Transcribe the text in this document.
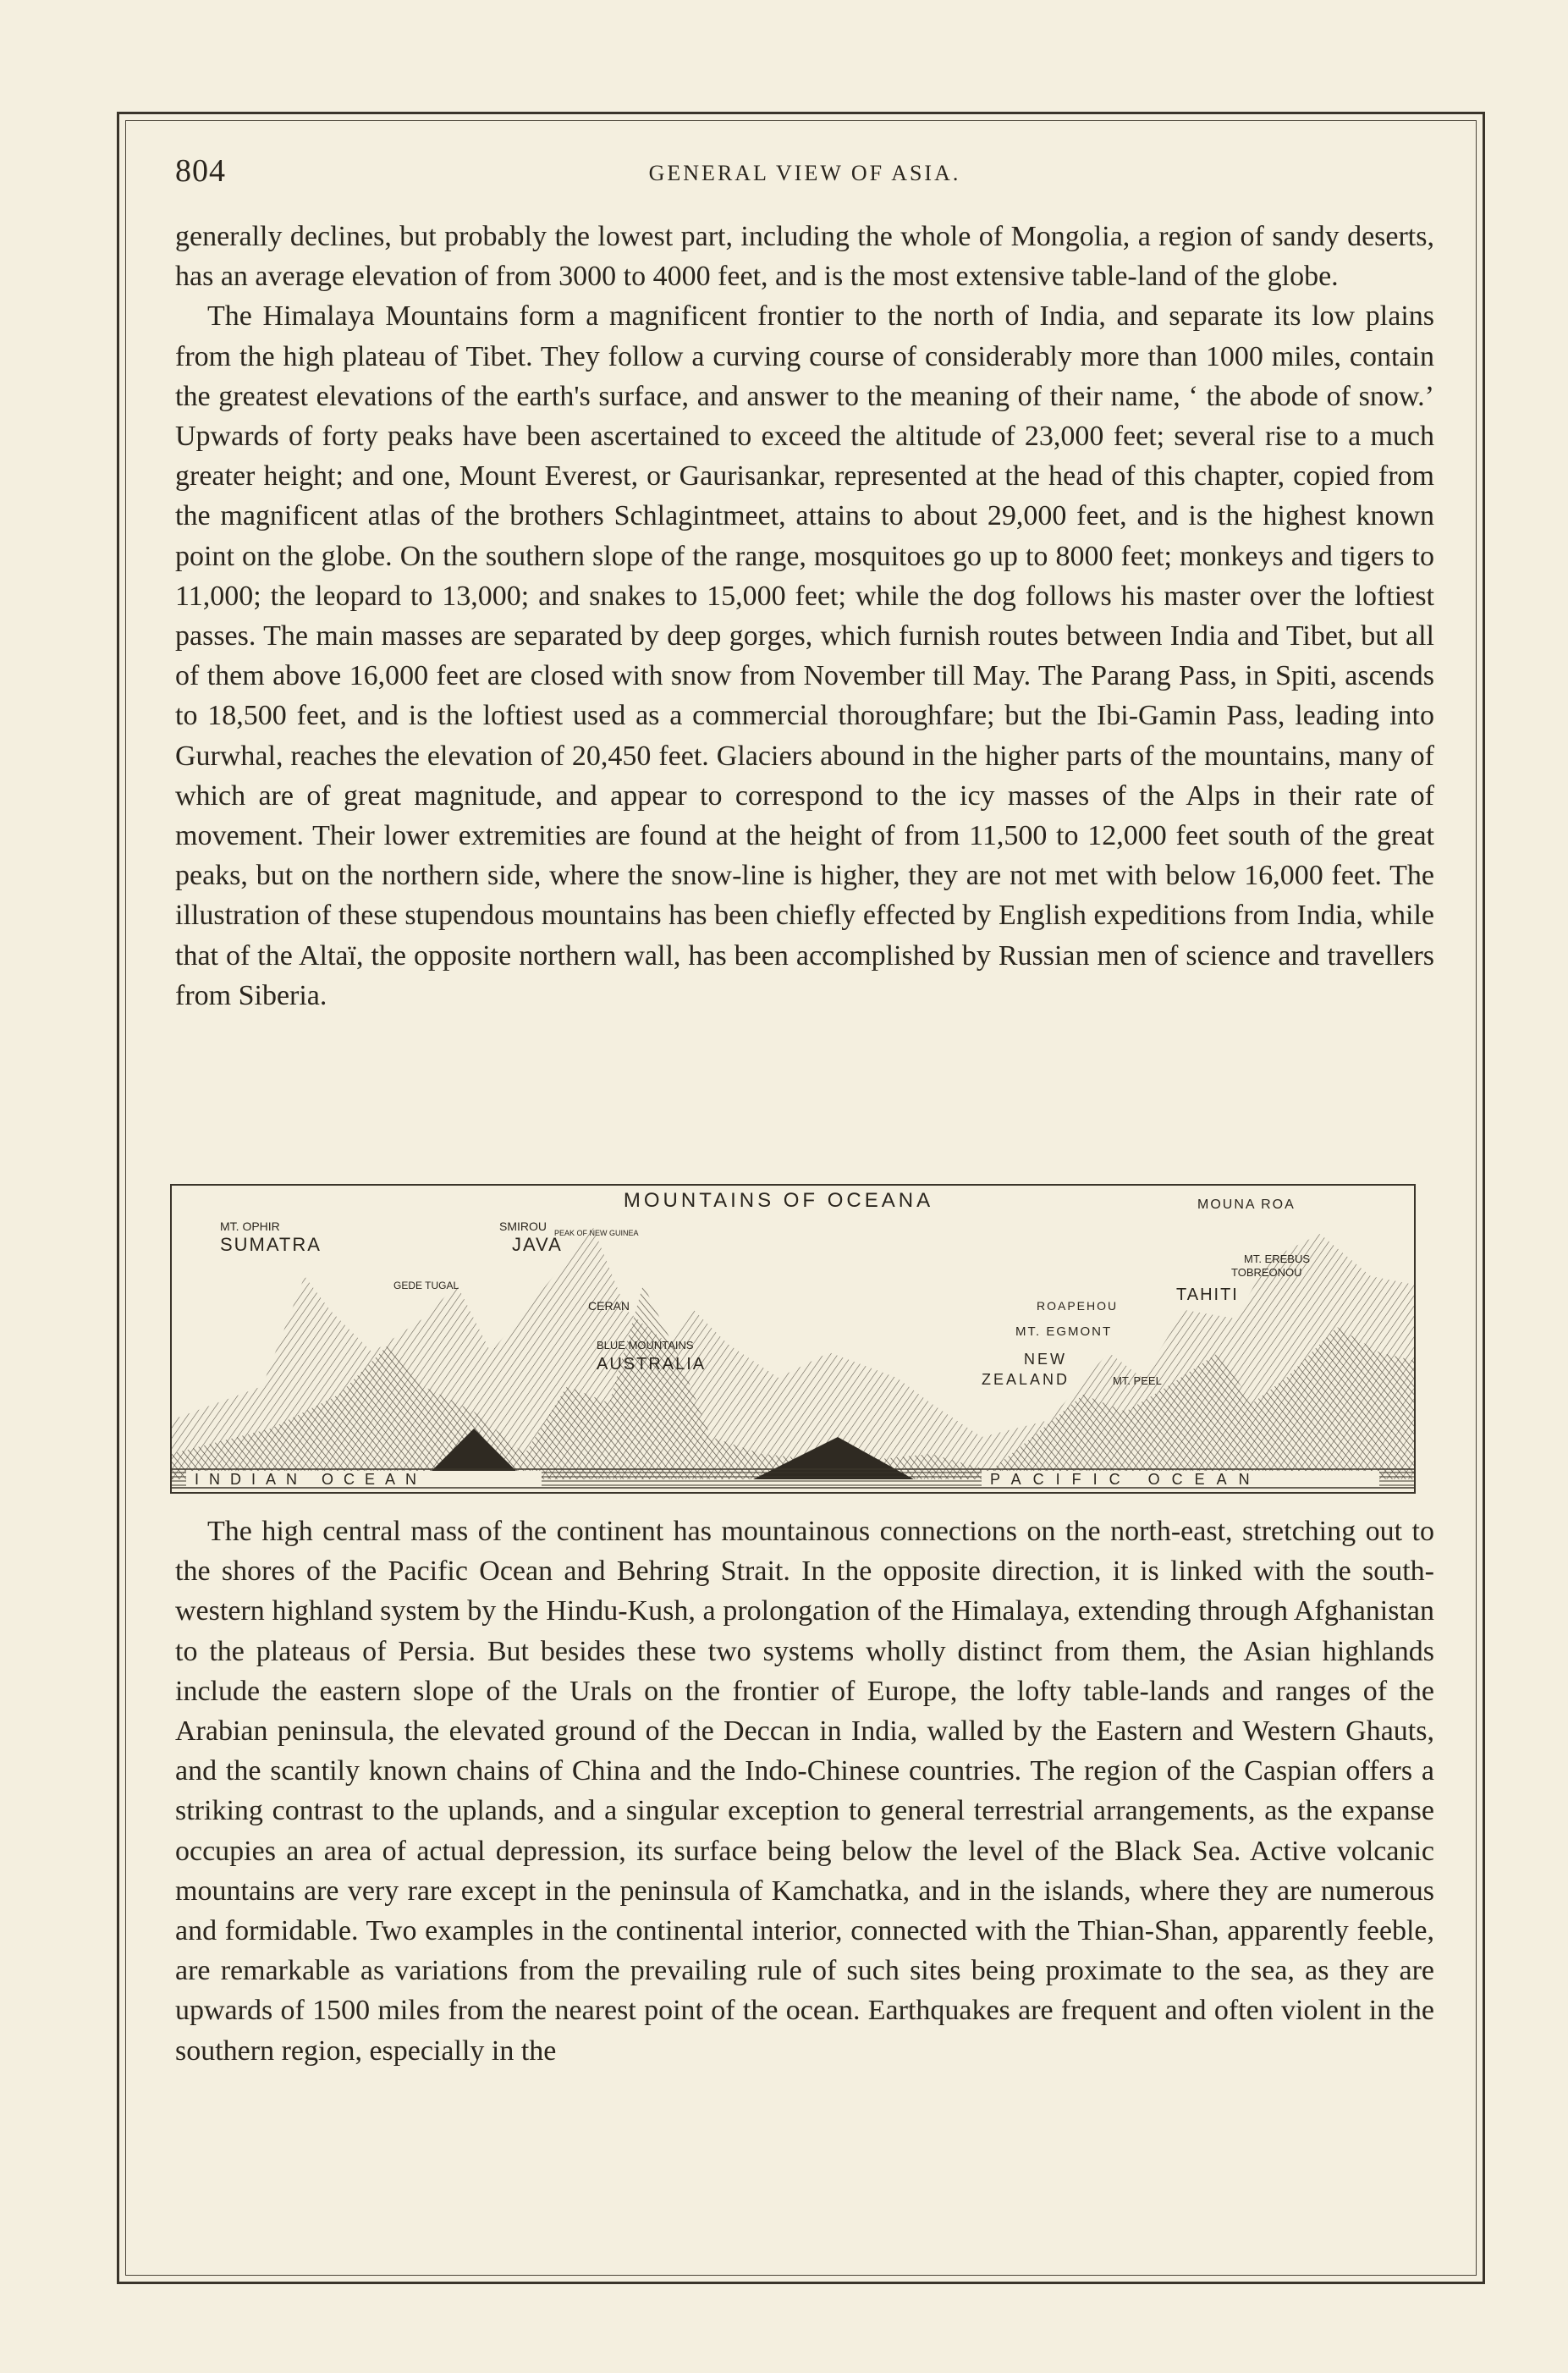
804	GENERAL VIEW OF ASIA.

generally declines, but probably the lowest part, including the whole of Mongolia, a region of sandy deserts, has an average elevation of from 3000 to 4000 feet, and is the most extensive table-land of the globe.

The Himalaya Mountains form a magnificent frontier to the north of India, and separate its low plains from the high plateau of Tibet. They follow a curving course of considerably more than 1000 miles, contain the greatest elevations of the earth's surface, and answer to the meaning of their name, ‘ the abode of snow.’ Upwards of forty peaks have been ascertained to exceed the altitude of 23,000 feet; several rise to a much greater height; and one, Mount Everest, or Gaurisankar, represented at the head of this chapter, copied from the magnificent atlas of the brothers Schlagintmeet, attains to about 29,000 feet, and is the highest known point on the globe. On the southern slope of the range, mosquitoes go up to 8000 feet; monkeys and tigers to 11,000; the leopard to 13,000; and snakes to 15,000 feet; while the dog follows his master over the loftiest passes. The main masses are separated by deep gorges, which furnish routes between India and Tibet, but all of them above 16,000 feet are closed with snow from November till May. The Parang Pass, in Spiti, ascends to 18,500 feet, and is the loftiest used as a commercial thoroughfare; but the Ibi-Gamin Pass, leading into Gurwhal, reaches the elevation of 20,450 feet. Glaciers abound in the higher parts of the mountains, many of which are of great magnitude, and appear to correspond to the icy masses of the Alps in their rate of movement. Their lower extremities are found at the height of from 11,500 to 12,000 feet south of the great peaks, but on the northern side, where the snow-line is higher, they are not met with below 16,000 feet. The illustration of these stupendous mountains has been chiefly effected by English expeditions from India, while that of the Altaï, the opposite northern wall, has been accomplished by Russian men of science and travellers from Siberia.

MOUNTAINS OF OCEANA
MT. OPHIR
SUMATRA
GEDE TUGAL
SMIROU
JAVA
PEAK OF NEW GUINEA
CERAN
BLUE MOUNTAINS
AUSTRALIA
MOUNA ROA
MT. EREBUS
TOBREONOU
TAHITI
ROAPEHOU
MT. EGMONT
NEW
ZEALAND	MT. PEEL
INDIAN OCEAN	PACIFIC OCEAN

The high central mass of the continent has mountainous connections on the north-east, stretching out to the shores of the Pacific Ocean and Behring Strait. In the opposite direction, it is linked with the south-western highland system by the Hindu-Kush, a prolongation of the Himalaya, extending through Afghanistan to the plateaus of Persia. But besides these two systems wholly distinct from them, the Asian highlands include the eastern slope of the Urals on the frontier of Europe, the lofty table-lands and ranges of the Arabian peninsula, the elevated ground of the Deccan in India, walled by the Eastern and Western Ghauts, and the scantily known chains of China and the Indo-Chinese countries. The region of the Caspian offers a striking contrast to the uplands, and a singular exception to general terrestrial arrangements, as the expanse occupies an area of actual depression, its surface being below the level of the Black Sea. Active volcanic mountains are very rare except in the peninsula of Kamchatka, and in the islands, where they are numerous and formidable. Two examples in the continental interior, connected with the Thian-Shan, apparently feeble, are remarkable as variations from the prevailing rule of such sites being proximate to the sea, as they are upwards of 1500 miles from the nearest point of the ocean. Earthquakes are frequent and often violent in the southern region, especially in the
